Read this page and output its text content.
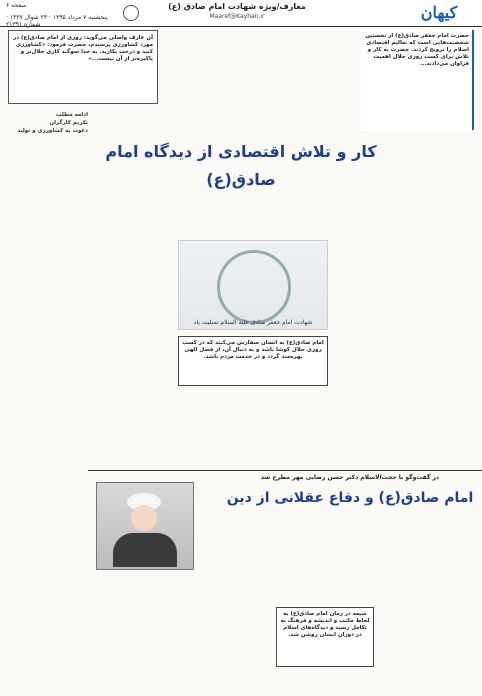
کیهان
معارف/ویژه شهادت امام صادق (ع)
Maaref@Kayhan.ir
صفحه ۶
پنجشنبه ۷ مرداد ۱۳۹۵ · ۲۳ شوال ۱۴۳۷ · شماره ۲۱۳۹۱

حضرت امام جعفر صادق(ع) از نخستین شخصیت‌هایی است که تعالیم اقتصادی اسلام را ترویج کردند. حضرت به کار و تلاش برای کسب روزی حلال اهمیت فراوان می‌دادند...

آن عارف واصلی می‌گوید: روزی از امام صادق(ع) در مورد کشاورزی پرسیدم، حضرت فرمود: «کشاورزی کنید و درخت بکارید. به خدا سوگند کاری حلال‌تر و پاکیزه‌تر از آن نیست...»

کار و تلاش اقتصادی از دیدگاه امام صادق(ع)
شهادت امام جعفر صادق علیه السلام تسلیت باد

امام صادق(ع) به انسان سفارش می‌کنند که در کسب روزی حلال کوشا باشد و به دنبال آن، از فضل الهی بهره‌مند گردد و در خدمت مردم باشد.

ادامه مطلب
تکریم کارگران
دعوت به کشاورزی و تولید
در گفت‌وگو با حجت‌الاسلام دکتر حسن رضایی مهر مطرح شد
امام صادق(ع) و دفاع عقلانی از دین

شیعه در زمان امام صادق(ع) به لحاظ مکتب و اندیشه و فرهنگ به تکامل رسید و دیدگاه‌های اسلام در دوران ایشان روشن شد.
